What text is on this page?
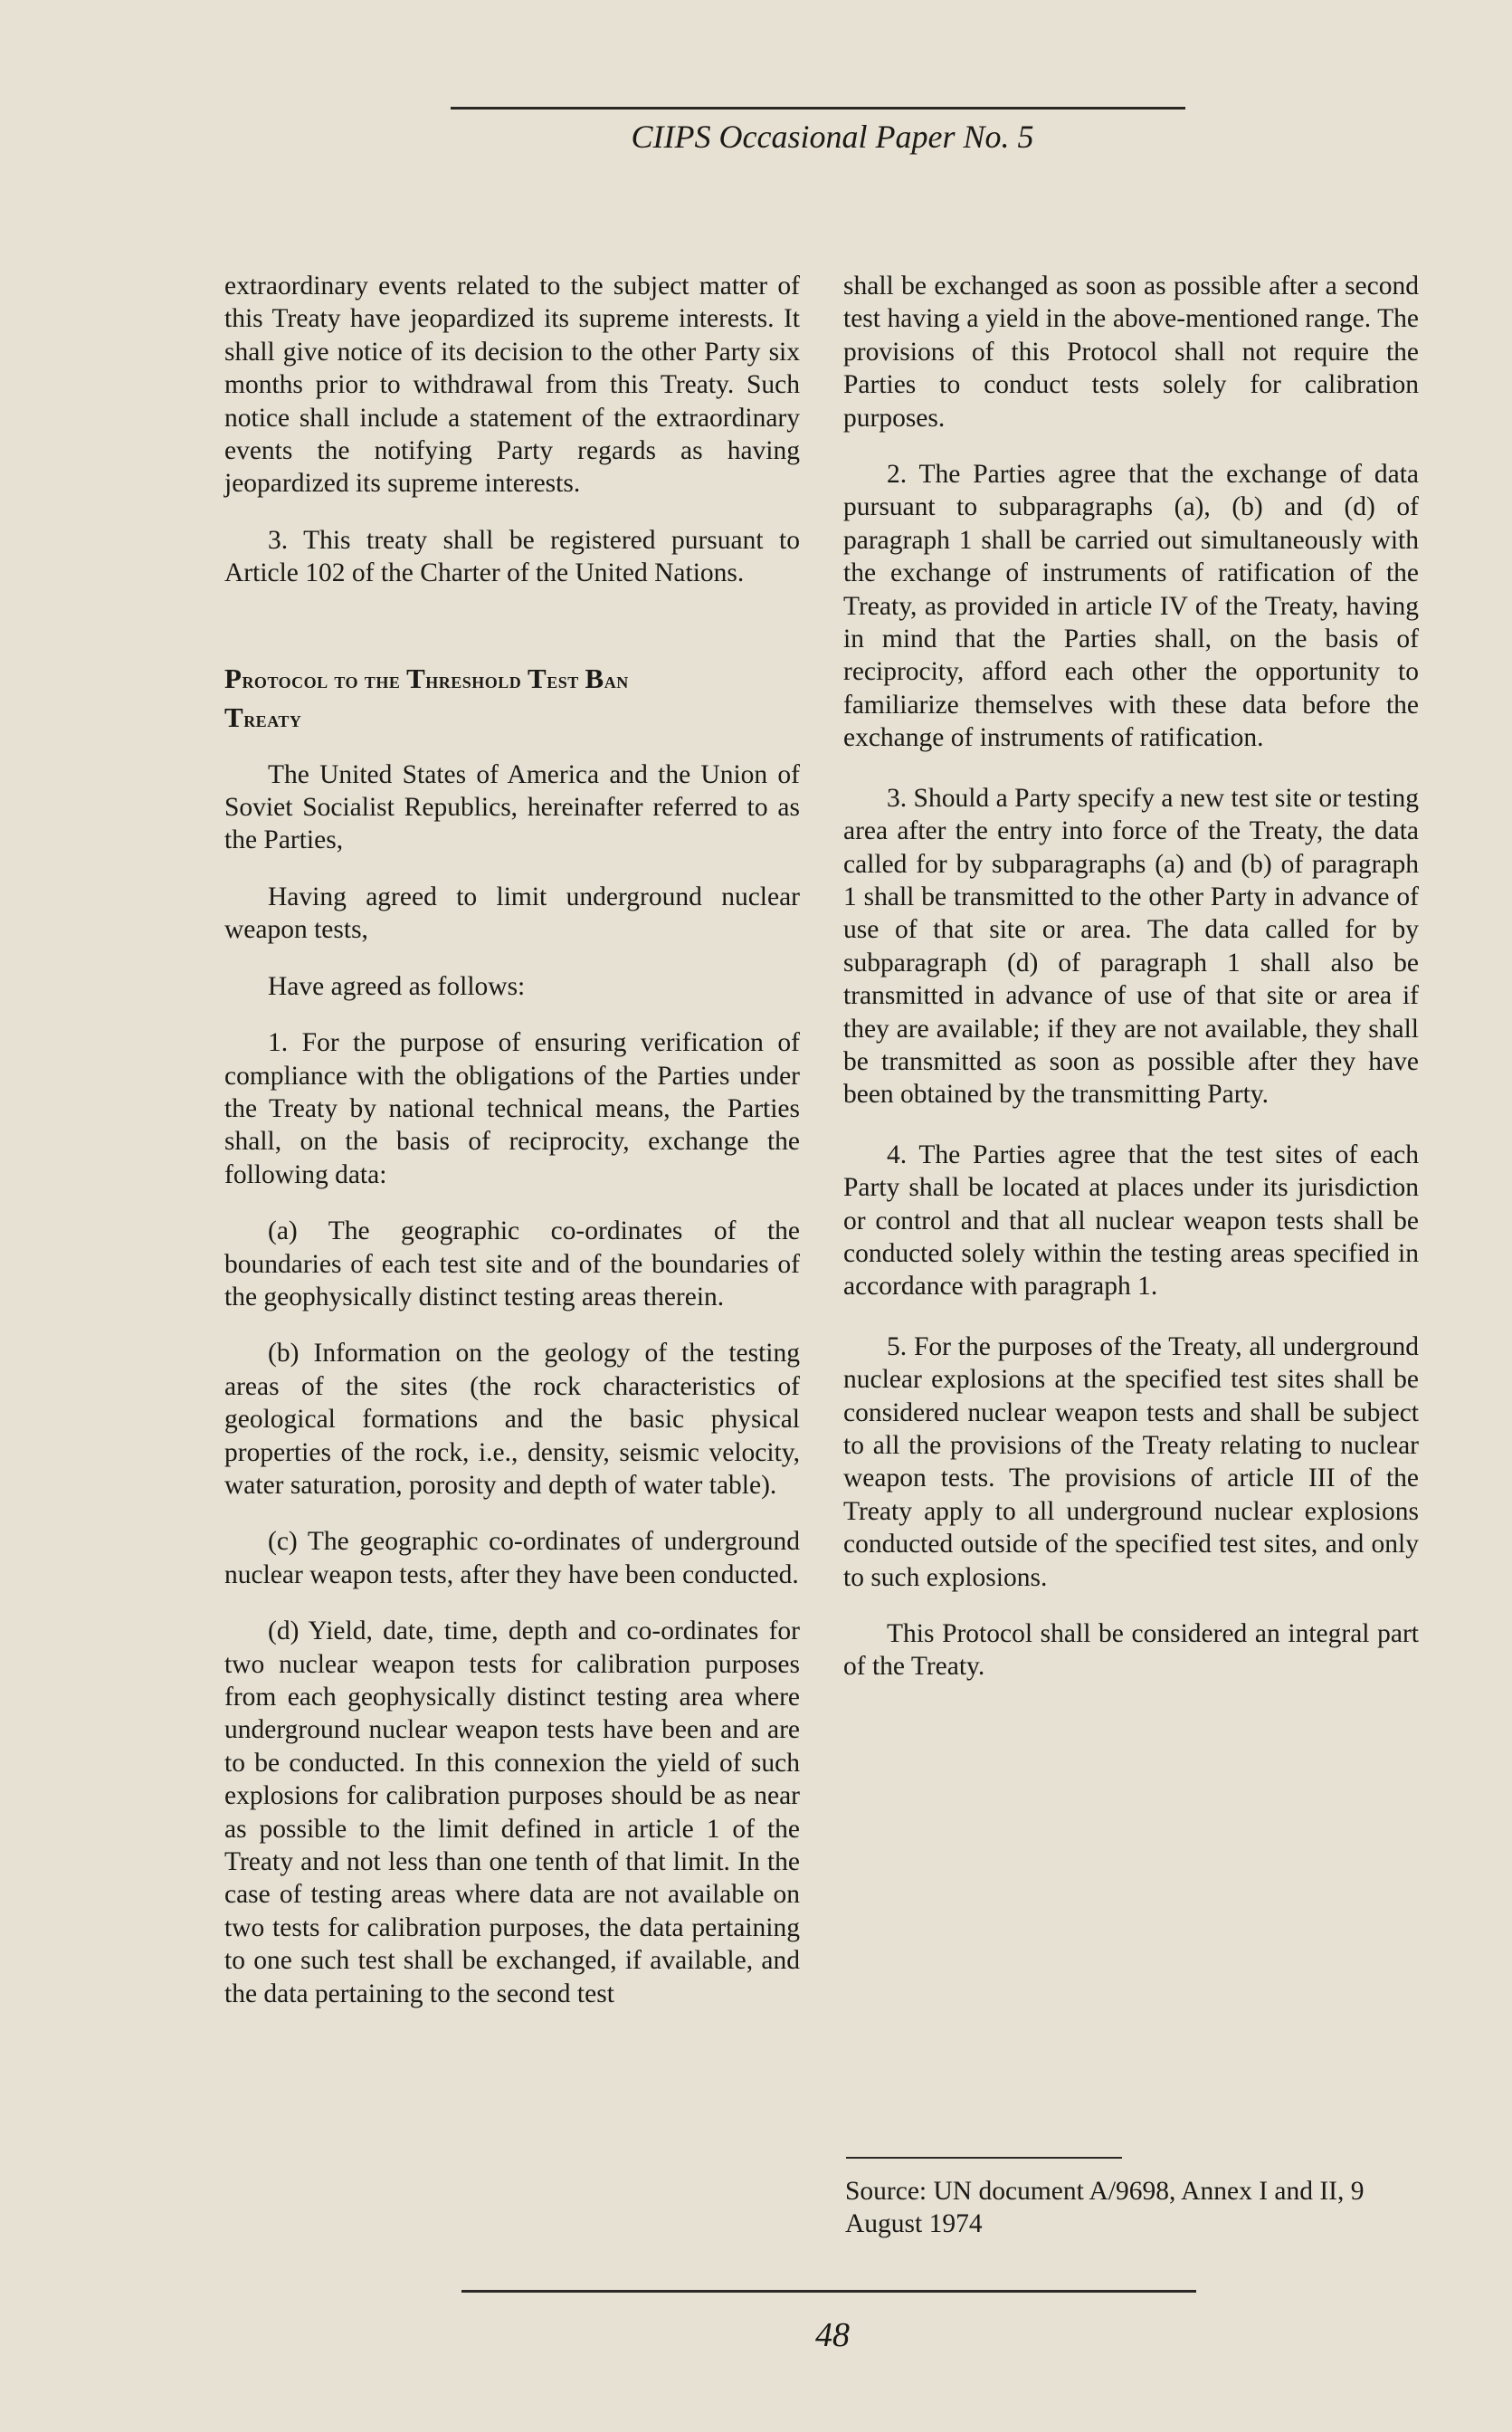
CIIPS Occasional Paper No. 5

extraordinary events related to the subject matter of this Treaty have jeopardized its supreme interests. It shall give notice of its decision to the other Party six months prior to withdrawal from this Treaty. Such notice shall include a statement of the extraordinary events the notifying Party regards as having jeopardized its supreme interests.

3. This treaty shall be registered pursuant to Article 102 of the Charter of the United Nations.

Protocol to the Threshold Test Ban
Treaty

The United States of America and the Union of Soviet Socialist Republics, hereinafter referred to as the Parties,

Having agreed to limit underground nuclear weapon tests,

Have agreed as follows:

1. For the purpose of ensuring verification of compliance with the obligations of the Parties under the Treaty by national technical means, the Parties shall, on the basis of reciprocity, exchange the following data:

(a) The geographic co-ordinates of the boundaries of each test site and of the boundaries of the geophysically distinct testing areas therein.

(b) Information on the geology of the testing areas of the sites (the rock characteristics of geological formations and the basic physical properties of the rock, i.e., density, seismic velocity, water saturation, porosity and depth of water table).

(c) The geographic co-ordinates of underground nuclear weapon tests, after they have been conducted.

(d) Yield, date, time, depth and co-ordinates for two nuclear weapon tests for calibration purposes from each geophysically distinct testing area where underground nuclear weapon tests have been and are to be conducted. In this connexion the yield of such explosions for calibration purposes should be as near as possible to the limit defined in article 1 of the Treaty and not less than one tenth of that limit. In the case of testing areas where data are not available on two tests for calibration purposes, the data pertaining to one such test shall be exchanged, if available, and the data pertaining to the second test

shall be exchanged as soon as possible after a second test having a yield in the above-mentioned range. The provisions of this Protocol shall not require the Parties to conduct tests solely for calibration purposes.

2. The Parties agree that the exchange of data pursuant to subparagraphs (a), (b) and (d) of paragraph 1 shall be carried out simultaneously with the exchange of instruments of ratification of the Treaty, as provided in article IV of the Treaty, having in mind that the Parties shall, on the basis of reciprocity, afford each other the opportunity to familiarize themselves with these data before the exchange of instruments of ratification.

3. Should a Party specify a new test site or testing area after the entry into force of the Treaty, the data called for by subparagraphs (a) and (b) of paragraph 1 shall be transmitted to the other Party in advance of use of that site or area. The data called for by subparagraph (d) of paragraph 1 shall also be transmitted in advance of use of that site or area if they are available; if they are not available, they shall be transmitted as soon as possible after they have been obtained by the transmitting Party.

4. The Parties agree that the test sites of each Party shall be located at places under its jurisdiction or control and that all nuclear weapon tests shall be conducted solely within the testing areas specified in accordance with paragraph 1.

5. For the purposes of the Treaty, all underground nuclear explosions at the specified test sites shall be considered nuclear weapon tests and shall be subject to all the provisions of the Treaty relating to nuclear weapon tests. The provisions of article III of the Treaty apply to all underground nuclear explosions conducted outside of the specified test sites, and only to such explosions.

This Protocol shall be considered an integral part of the Treaty.

Source: UN document A/9698, Annex I and II, 9 August 1974
48
